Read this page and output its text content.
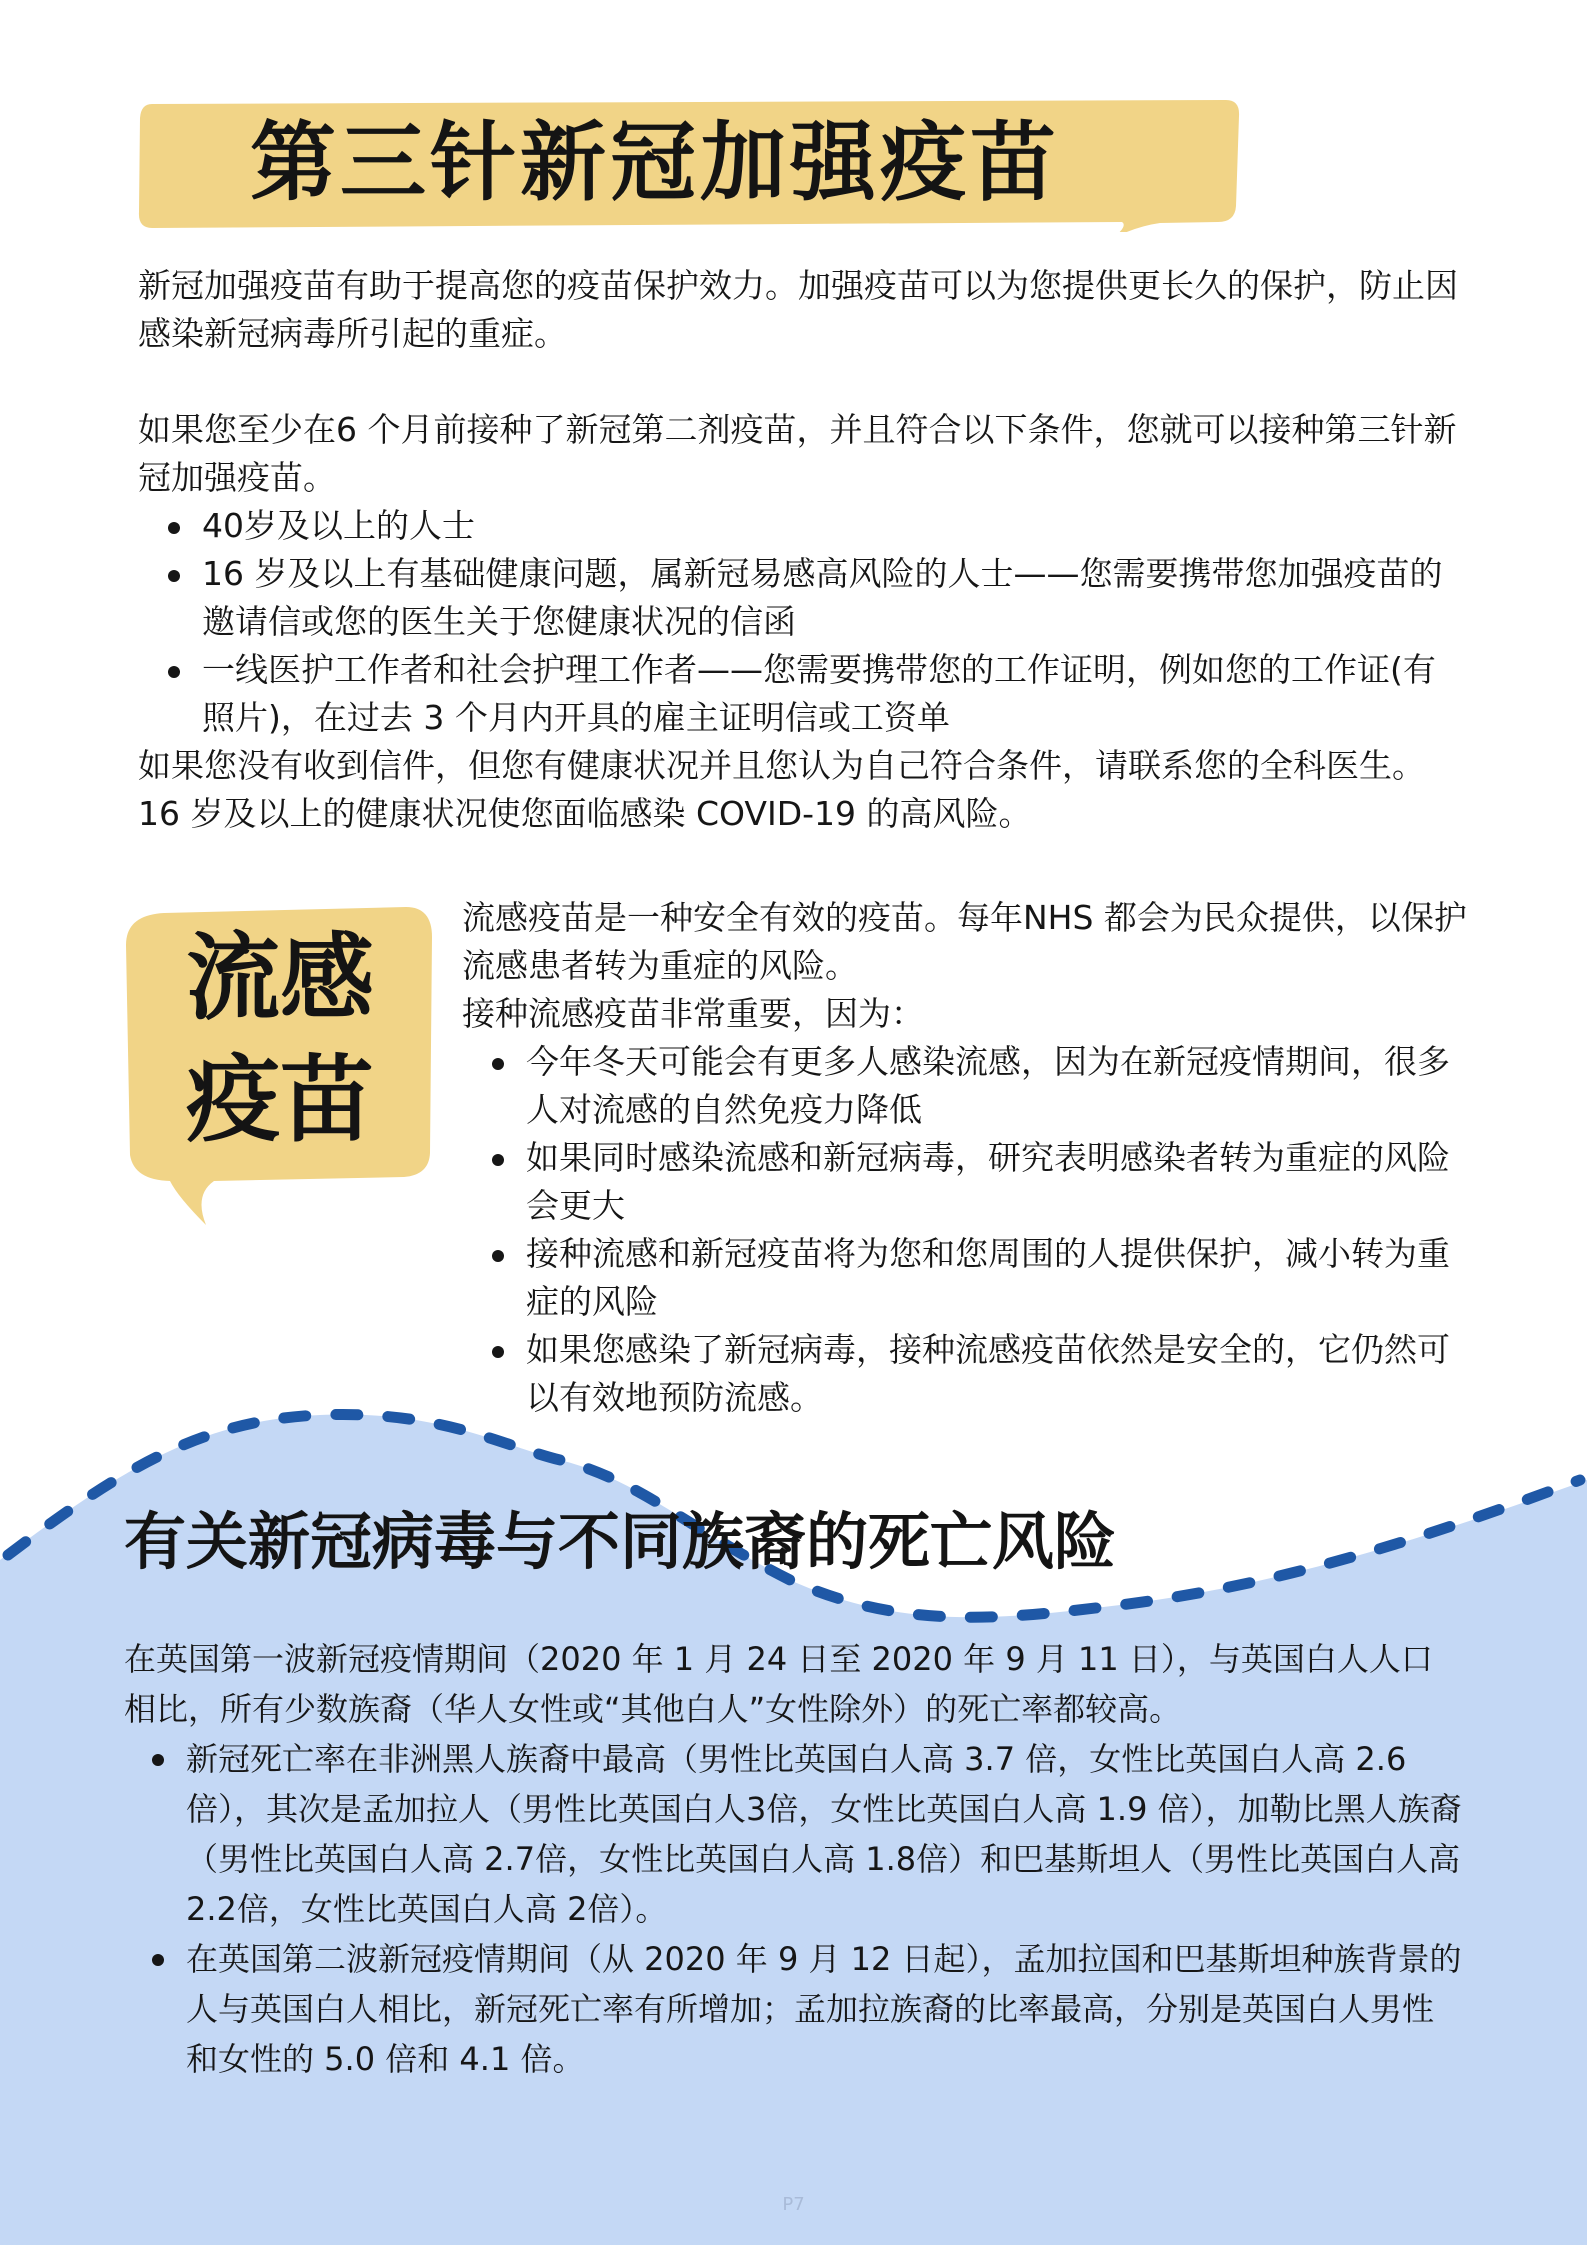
第三针新冠加强疫苗

新冠加强疫苗有助于提高您的疫苗保护效力。加强疫苗可以为您提供更长久的保护，防止因感染新冠病毒所引起的重症。

如果您至少在6 个月前接种了新冠第二剂疫苗，并且符合以下条件，您就可以接种第三针新冠加强疫苗。

40岁及以上的人士
16 岁及以上有基础健康问题，属新冠易感高风险的人士——您需要携带您加强疫苗的邀请信或您的医生关于您健康状况的信函
一线医护工作者和社会护理工作者——您需要携带您的工作证明，例如您的工作证(有照片)，在过去 3 个月内开具的雇主证明信或工资单

如果您没有收到信件，但您有健康状况并且您认为自己符合条件，请联系您的全科医生。

16 岁及以上的健康状况使您面临感染 COVID-19 的高风险。

流感
疫苗

流感疫苗是一种安全有效的疫苗。每年NHS 都会为民众提供，以保护流感患者转为重症的风险。

接种流感疫苗非常重要，因为：

今年冬天可能会有更多人感染流感，因为在新冠疫情期间，很多人对流感的自然免疫力降低
如果同时感染流感和新冠病毒，研究表明感染者转为重症的风险会更大
接种流感和新冠疫苗将为您和您周围的人提供保护，减小转为重症的风险
如果您感染了新冠病毒，接种流感疫苗依然是安全的，它仍然可以有效地预防流感。
有关新冠病毒与不同族裔的死亡风险

在英国第一波新冠疫情期间（2020 年 1 月 24 日至 2020 年 9 月 11 日），与英国白人人口相比，所有少数族裔（华人女性或“其他白人”女性除外）的死亡率都较高。

新冠死亡率在非洲黑人族裔中最高（男性比英国白人高 3.7 倍，女性比英国白人高 2.6 倍），其次是孟加拉人（男性比英国白人3倍，女性比英国白人高 1.9 倍），加勒比黑人族裔（男性比英国白人高 2.7倍，女性比英国白人高 1.8倍）和巴基斯坦人（男性比英国白人高2.2倍，女性比英国白人高 2倍）。
在英国第二波新冠疫情期间（从 2020 年 9 月 12 日起），孟加拉国和巴基斯坦种族背景的人与英国白人相比，新冠死亡率有所增加；孟加拉族裔的比率最高，分别是英国白人男性和女性的 5.0 倍和 4.1 倍。
P7
